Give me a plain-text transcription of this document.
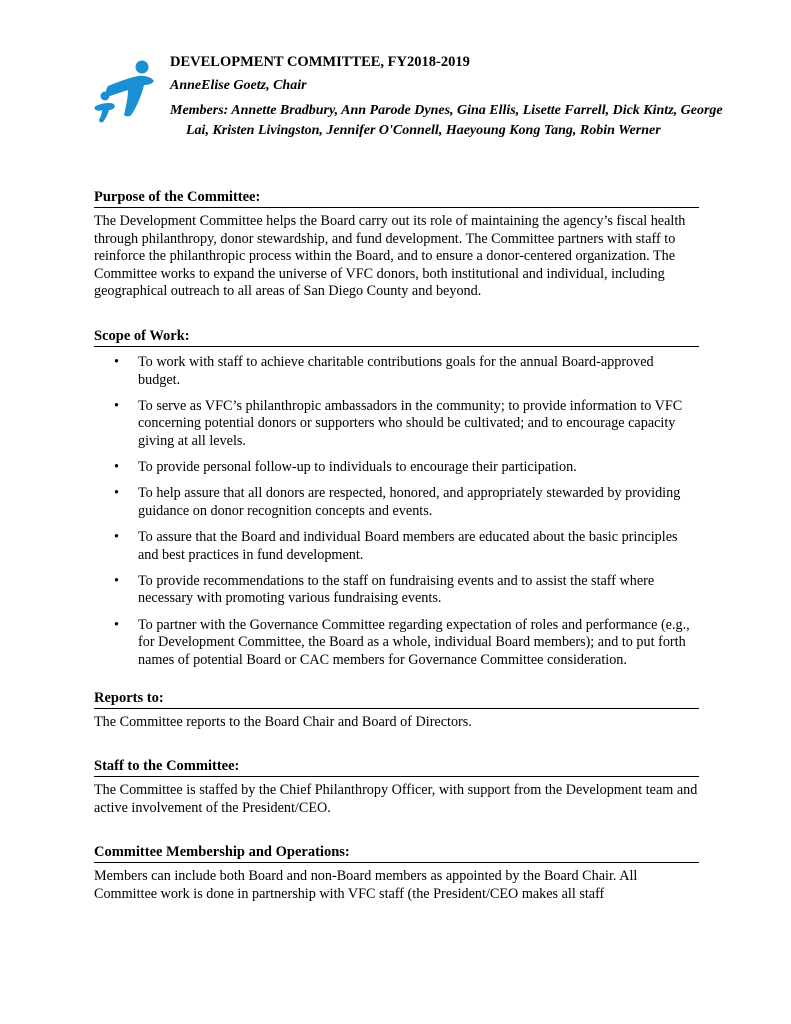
DEVELOPMENT COMMITTEE, FY2018-2019
AnneElise Goetz, Chair
Members: Annette Bradbury, Ann Parode Dynes, Gina Ellis, Lisette Farrell, Dick Kintz, George Lai, Kristen Livingston, Jennifer O'Connell, Haeyoung Kong Tang, Robin Werner
Purpose of the Committee:

The Development Committee helps the Board carry out its role of maintaining the agency’s fiscal health through philanthropy, donor stewardship, and fund development. The Committee partners with staff to reinforce the philanthropic process within the Board, and to ensure a donor-centered organization. The Committee works to expand the universe of VFC donors, both institutional and individual, including geographical outreach to all areas of San Diego County and beyond.

Scope of Work:
• To work with staff to achieve charitable contributions goals for the annual Board-approved budget.
• To serve as VFC’s philanthropic ambassadors in the community; to provide information to VFC concerning potential donors or supporters who should be cultivated; and to encourage capacity giving at all levels.
• To provide personal follow-up to individuals to encourage their participation.
• To help assure that all donors are respected, honored, and appropriately stewarded by providing guidance on donor recognition concepts and events.
• To assure that the Board and individual Board members are educated about the basic principles and best practices in fund development.
• To provide recommendations to the staff on fundraising events and to assist the staff where necessary with promoting various fundraising events.
• To partner with the Governance Committee regarding expectation of roles and performance (e.g., for Development Committee, the Board as a whole, individual Board members); and to put forth names of potential Board or CAC members for Governance Committee consideration.
Reports to:

The Committee reports to the Board Chair and Board of Directors.

Staff to the Committee:

The Committee is staffed by the Chief Philanthropy Officer, with support from the Development team and active involvement of the President/CEO.

Committee Membership and Operations:

Members can include both Board and non-Board members as appointed by the Board Chair. All Committee work is done in partnership with VFC staff (the President/CEO makes all staff
